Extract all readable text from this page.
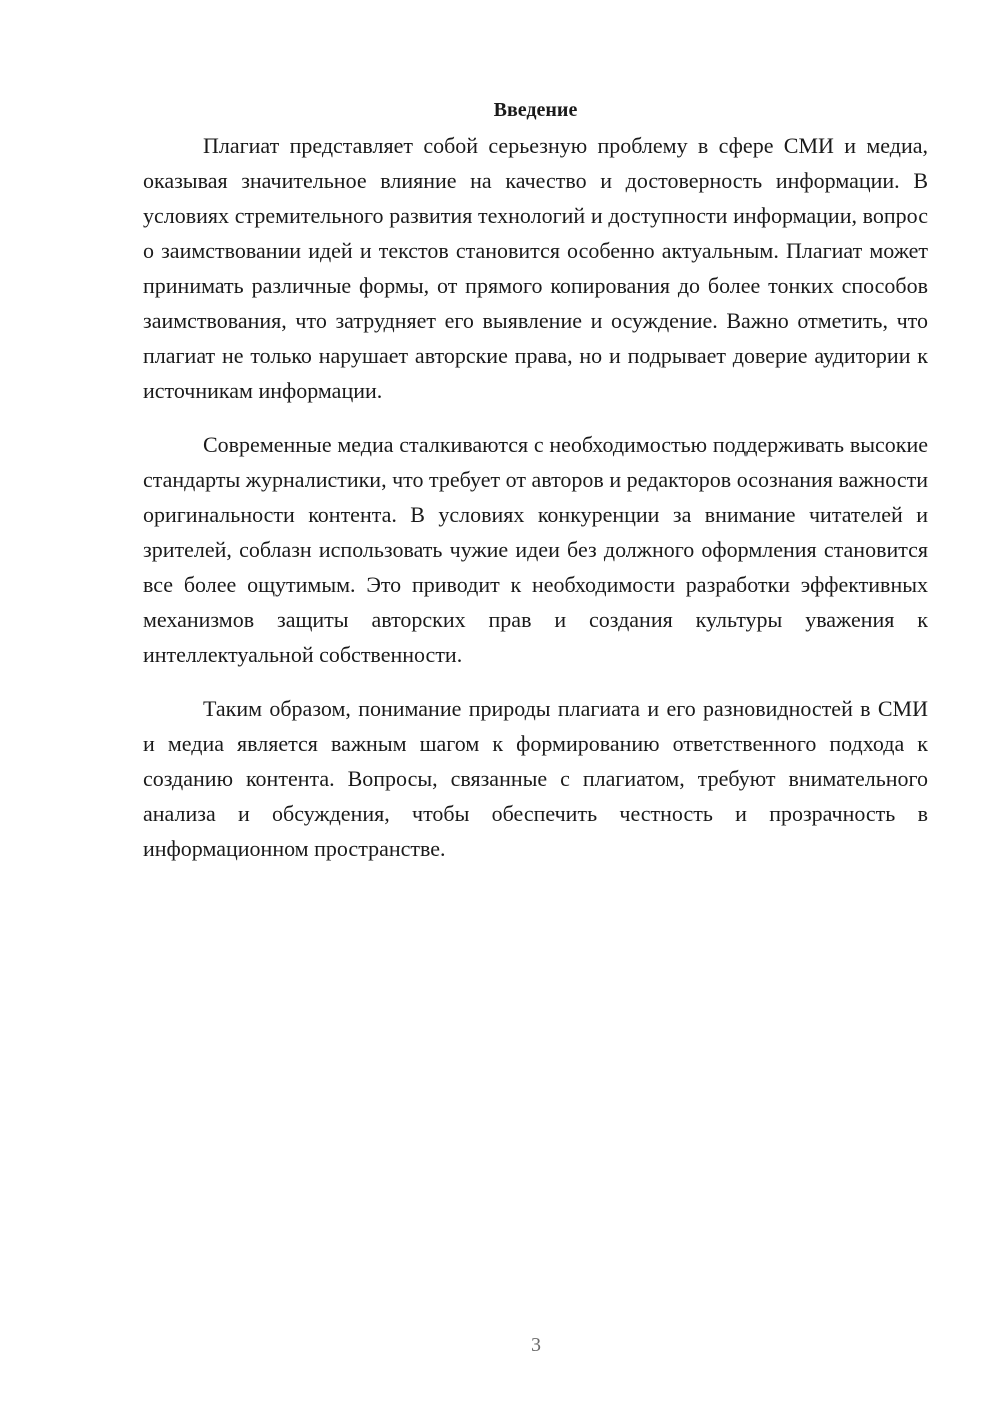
Введение

Плагиат представляет собой серьезную проблему в сфере СМИ и медиа, оказывая значительное влияние на качество и достоверность информации. В условиях стремительного развития технологий и доступности информации, вопрос о заимствовании идей и текстов становится особенно актуальным. Плагиат может принимать различные формы, от прямого копирования до более тонких способов заимствования, что затрудняет его выявление и осуждение. Важно отметить, что плагиат не только нарушает авторские права, но и подрывает доверие аудитории к источникам информации.

Современные медиа сталкиваются с необходимостью поддерживать высокие стандарты журналистики, что требует от авторов и редакторов осознания важности оригинальности контента. В условиях конкуренции за внимание читателей и зрителей, соблазн использовать чужие идеи без должного оформления становится все более ощутимым. Это приводит к необходимости разработки эффективных механизмов защиты авторских прав и создания культуры уважения к интеллектуальной собственности.

Таким образом, понимание природы плагиата и его разновидностей в СМИ и медиа является важным шагом к формированию ответственного подхода к созданию контента. Вопросы, связанные с плагиатом, требуют внимательного анализа и обсуждения, чтобы обеспечить честность и прозрачность в информационном пространстве.

3
